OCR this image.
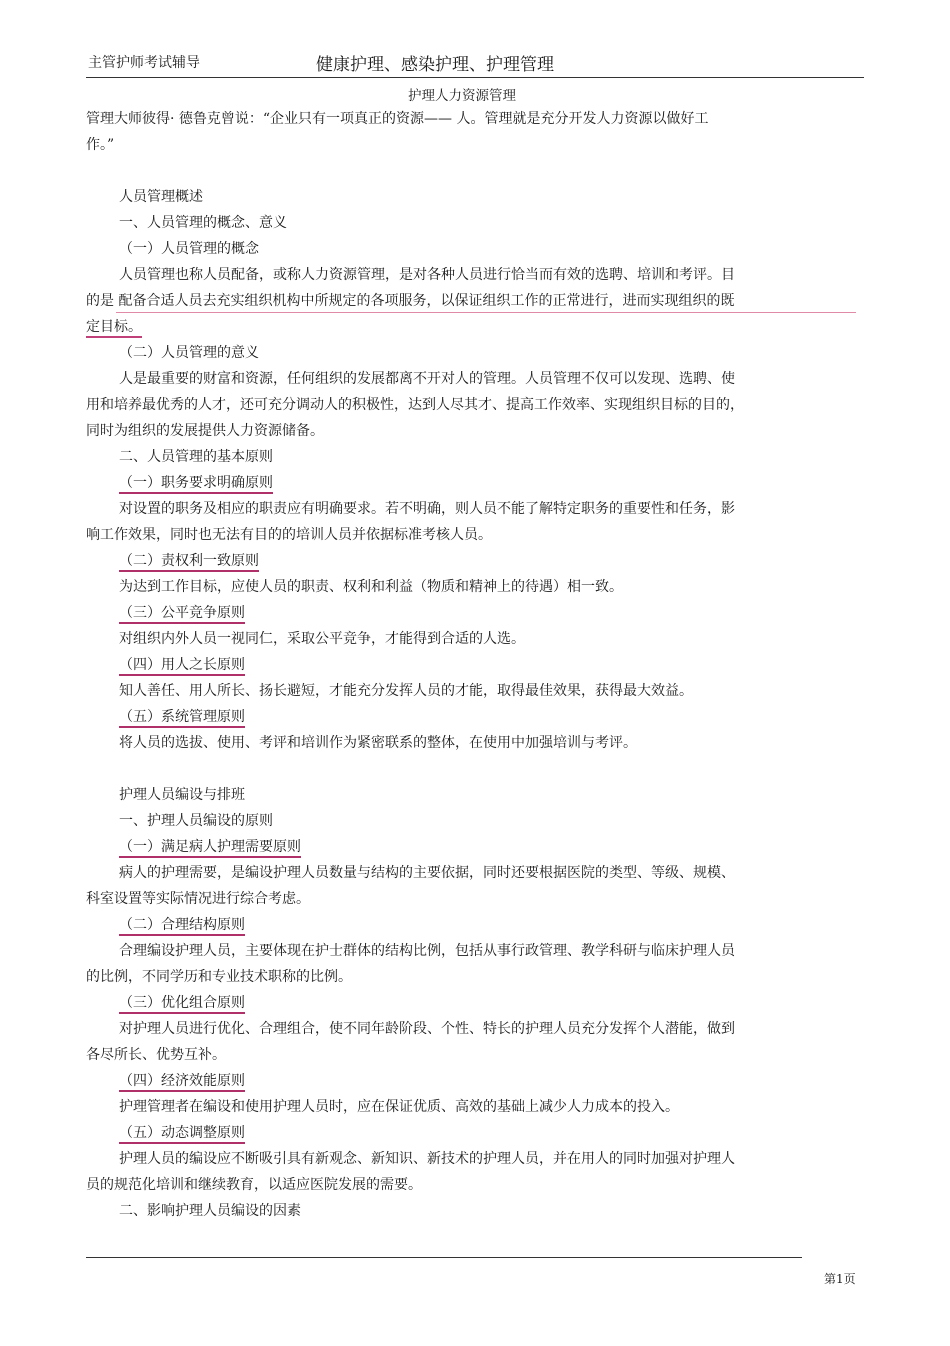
主管护师考试辅导	健康护理、感染护理、护理管理
护理人力资源管理

管理大师彼得· 德鲁克曾说：“企业只有一项真正的资源—— 人。管理就是充分开发人力资源以做好工

作。”

人员管理概述

一、人员管理的概念、意义

（一）人员管理的概念

人员管理也称人员配备，或称人力资源管理，是对各种人员进行恰当而有效的选聘、培训和考评。目

的是 配备合适人员去充实组织机构中所规定的各项服务，以保证组织工作的正常进行，进而实现组织的既

定目标。

（二）人员管理的意义

人是最重要的财富和资源，任何组织的发展都离不开对人的管理。人员管理不仅可以发现、选聘、使

用和培养最优秀的人才，还可充分调动人的积极性，达到人尽其才、提高工作效率、实现组织目标的目的，

同时为组织的发展提供人力资源储备。

二、人员管理的基本原则

（一）职务要求明确原则

对设置的职务及相应的职责应有明确要求。若不明确，则人员不能了解特定职务的重要性和任务，影

响工作效果，同时也无法有目的的培训人员并依据标准考核人员。

（二）责权利一致原则

为达到工作目标，应使人员的职责、权利和利益（物质和精神上的待遇）相一致。

（三）公平竞争原则

对组织内外人员一视同仁，采取公平竞争，才能得到合适的人选。

（四）用人之长原则

知人善任、用人所长、扬长避短，才能充分发挥人员的才能，取得最佳效果，获得最大效益。

（五）系统管理原则

将人员的选拔、使用、考评和培训作为紧密联系的整体，在使用中加强培训与考评。

护理人员编设与排班

一、护理人员编设的原则

（一）满足病人护理需要原则

病人的护理需要，是编设护理人员数量与结构的主要依据，同时还要根据医院的类型、等级、规模、

科室设置等实际情况进行综合考虑。

（二）合理结构原则

合理编设护理人员，主要体现在护士群体的结构比例，包括从事行政管理、教学科研与临床护理人员

的比例，不同学历和专业技术职称的比例。

（三）优化组合原则

对护理人员进行优化、合理组合，使不同年龄阶段、个性、特长的护理人员充分发挥个人潜能，做到

各尽所长、优势互补。

（四）经济效能原则

护理管理者在编设和使用护理人员时，应在保证优质、高效的基础上减少人力成本的投入。

（五）动态调整原则

护理人员的编设应不断吸引具有新观念、新知识、新技术的护理人员，并在用人的同时加强对护理人

员的规范化培训和继续教育，以适应医院发展的需要。

二、影响护理人员编设的因素

第1页
